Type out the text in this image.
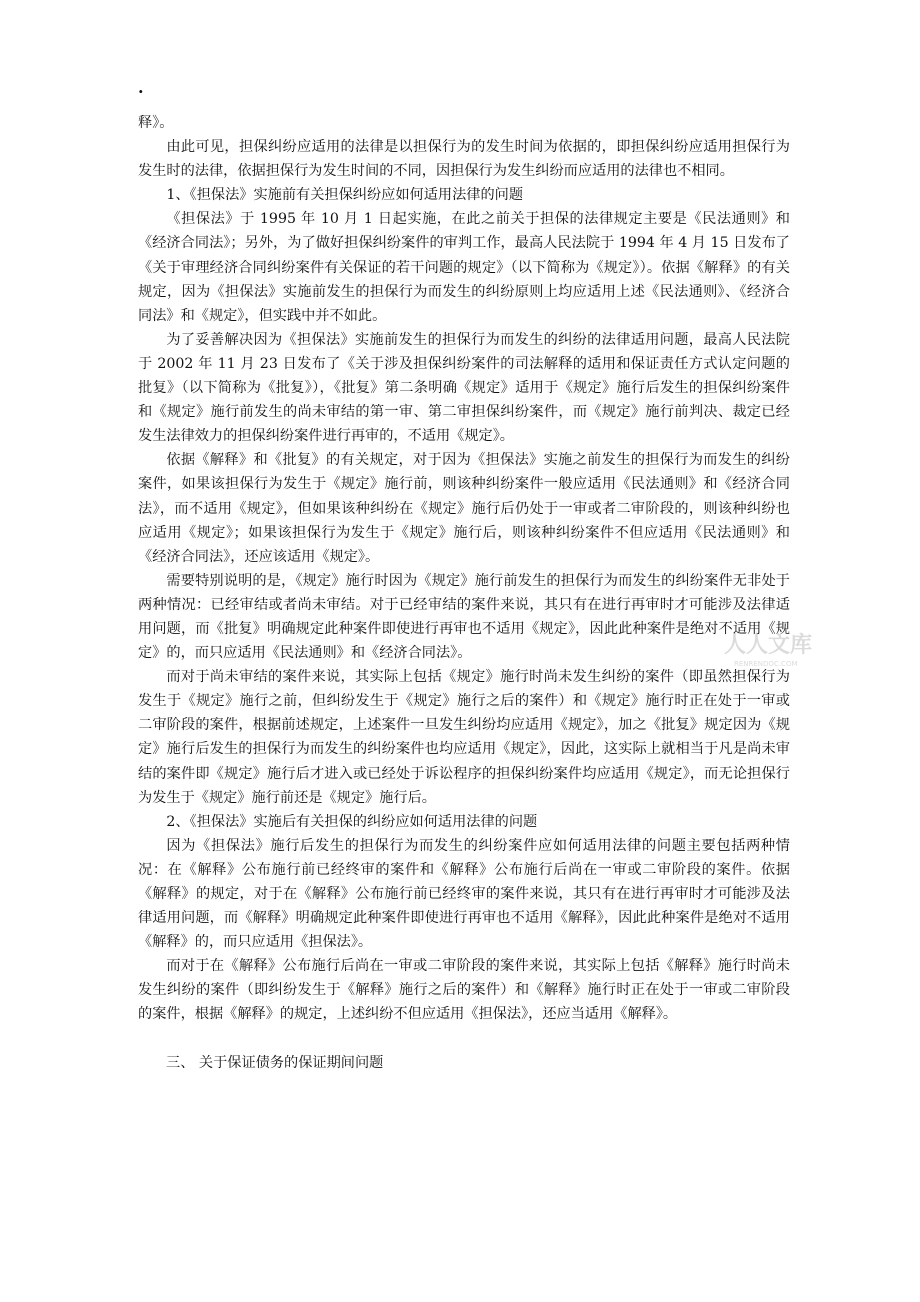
.

释》。

由此可见，担保纠纷应适用的法律是以担保行为的发生时间为依据的，即担保纠纷应适用担保行为发生时的法律，依据担保行为发生时间的不同，因担保行为发生纠纷而应适用的法律也不相同。

1、《担保法》实施前有关担保纠纷应如何适用法律的问题

《担保法》于 1995 年 10 月 1 日起实施，在此之前关于担保的法律规定主要是《民法通则》和《经济合同法》；另外，为了做好担保纠纷案件的审判工作，最高人民法院于 1994 年 4 月 15 日发布了《关于审理经济合同纠纷案件有关保证的若干问题的规定》（以下简称为《规定》）。依据《解释》的有关规定，因为《担保法》实施前发生的担保行为而发生的纠纷原则上均应适用上述《民法通则》、《经济合同法》和《规定》，但实践中并不如此。

为了妥善解决因为《担保法》实施前发生的担保行为而发生的纠纷的法律适用问题，最高人民法院于 2002 年 11 月 23 日发布了《关于涉及担保纠纷案件的司法解释的适用和保证责任方式认定问题的批复》（以下简称为《批复》），《批复》第二条明确《规定》适用于《规定》施行后发生的担保纠纷案件和《规定》施行前发生的尚未审结的第一审、第二审担保纠纷案件，而《规定》施行前判决、裁定已经发生法律效力的担保纠纷案件进行再审的，不适用《规定》。

依据《解释》和《批复》的有关规定，对于因为《担保法》实施之前发生的担保行为而发生的纠纷案件，如果该担保行为发生于《规定》施行前，则该种纠纷案件一般应适用《民法通则》和《经济合同法》，而不适用《规定》，但如果该种纠纷在《规定》施行后仍处于一审或者二审阶段的，则该种纠纷也应适用《规定》；如果该担保行为发生于《规定》施行后，则该种纠纷案件不但应适用《民法通则》和《经济合同法》，还应该适用《规定》。

需要特别说明的是，《规定》施行时因为《规定》施行前发生的担保行为而发生的纠纷案件无非处于两种情况：已经审结或者尚未审结。对于已经审结的案件来说，其只有在进行再审时才可能涉及法律适用问题，而《批复》明确规定此种案件即使进行再审也不适用《规定》，因此此种案件是绝对不适用《规定》的，而只应适用《民法通则》和《经济合同法》。

而对于尚未审结的案件来说，其实际上包括《规定》施行时尚未发生纠纷的案件（即虽然担保行为发生于《规定》施行之前，但纠纷发生于《规定》施行之后的案件）和《规定》施行时正在处于一审或二审阶段的案件，根据前述规定，上述案件一旦发生纠纷均应适用《规定》，加之《批复》规定因为《规定》施行后发生的担保行为而发生的纠纷案件也均应适用《规定》，因此，这实际上就相当于凡是尚未审结的案件即《规定》施行后才进入或已经处于诉讼程序的担保纠纷案件均应适用《规定》，而无论担保行为发生于《规定》施行前还是《规定》施行后。

2、《担保法》实施后有关担保的纠纷应如何适用法律的问题

因为《担保法》施行后发生的担保行为而发生的纠纷案件应如何适用法律的问题主要包括两种情况：在《解释》公布施行前已经终审的案件和《解释》公布施行后尚在一审或二审阶段的案件。依据《解释》的规定，对于在《解释》公布施行前已经终审的案件来说，其只有在进行再审时才可能涉及法律适用问题，而《解释》明确规定此种案件即使进行再审也不适用《解释》，因此此种案件是绝对不适用《解释》的，而只应适用《担保法》。

而对于在《解释》公布施行后尚在一审或二审阶段的案件来说，其实际上包括《解释》施行时尚未发生纠纷的案件（即纠纷发生于《解释》施行之后的案件）和《解释》施行时正在处于一审或二审阶段的案件，根据《解释》的规定，上述纠纷不但应适用《担保法》，还应当适用《解释》。

三、 关于保证债务的保证期间问题

人人文库
RENRENDOC.COM
